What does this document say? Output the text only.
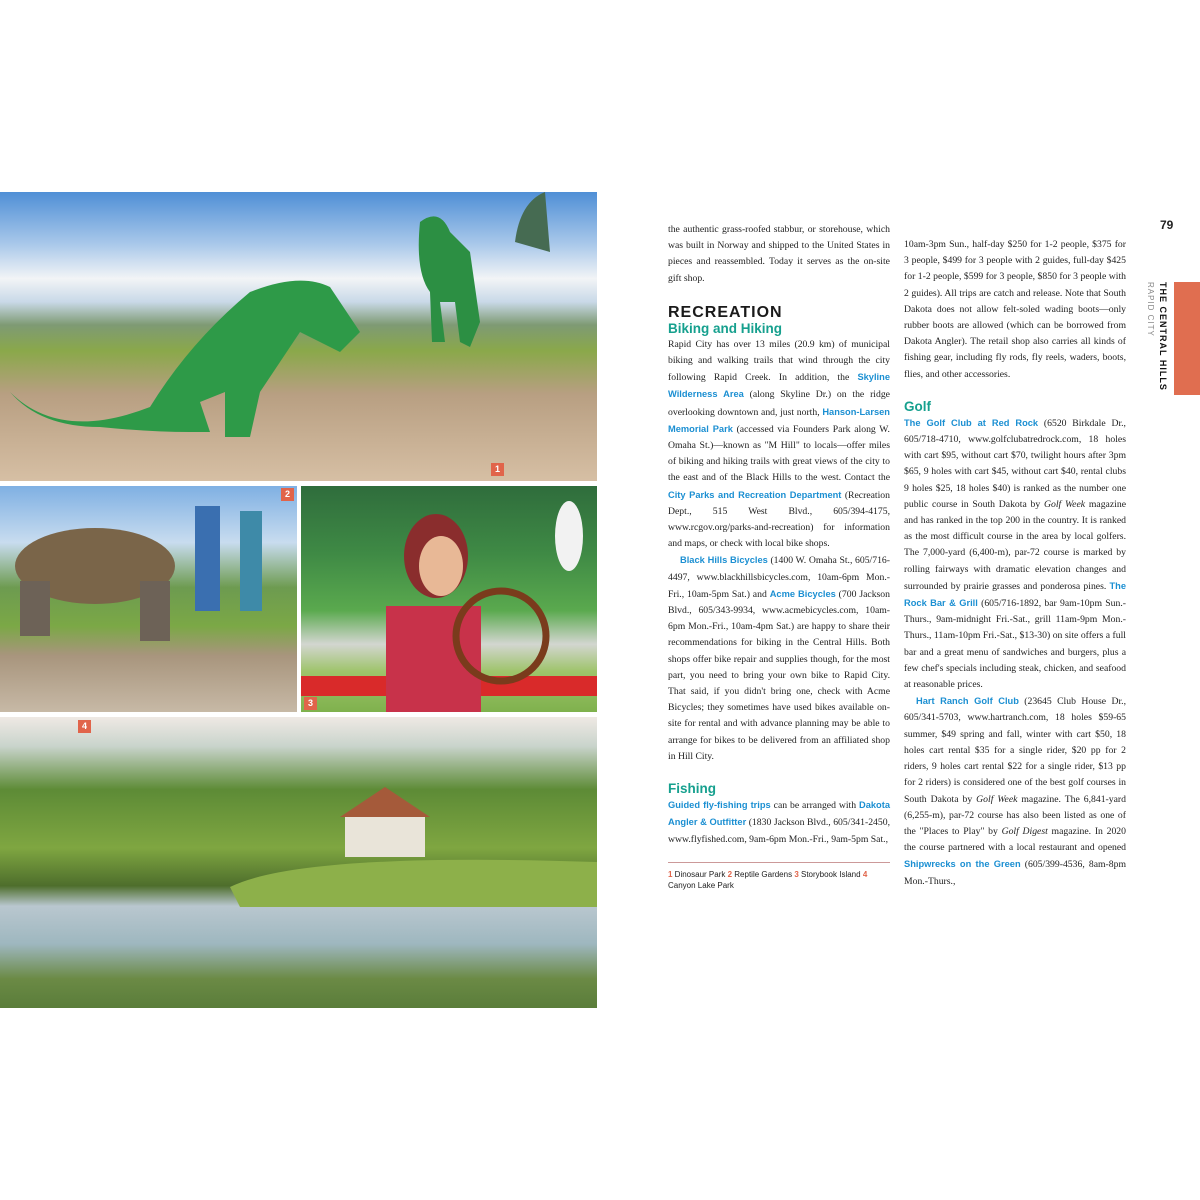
1
2
3
4

the authentic grass-roofed stabbur, or storehouse, which was built in Norway and shipped to the United States in pieces and reassembled. Today it serves as the on-site gift shop.

RECREATION
Biking and Hiking

Rapid City has over 13 miles (20.9 km) of municipal biking and walking trails that wind through the city following Rapid Creek. In addition, the Skyline Wilderness Area (along Skyline Dr.) on the ridge overlooking downtown and, just north, Hanson-Larsen Memorial Park (accessed via Founders Park along W. Omaha St.)—known as "M Hill" to locals—offer miles of biking and hiking trails with great views of the city to the east and of the Black Hills to the west. Contact the City Parks and Recreation Department (Recreation Dept., 515 West Blvd., 605/394-4175, www.rcgov.org/parks-and-recreation) for information and maps, or check with local bike shops.

Black Hills Bicycles (1400 W. Omaha St., 605/716-4497, www.blackhillsbicycles.com, 10am-6pm Mon.-Fri., 10am-5pm Sat.) and Acme Bicycles (700 Jackson Blvd., 605/343-9934, www.acmebicycles.com, 10am-6pm Mon.-Fri., 10am-4pm Sat.) are happy to share their recommendations for biking in the Central Hills. Both shops offer bike repair and supplies though, for the most part, you need to bring your own bike to Rapid City. That said, if you didn't bring one, check with Acme Bicycles; they sometimes have used bikes available on-site for rental and with advance planning may be able to arrange for bikes to be delivered from an affiliated shop in Hill City.

Fishing

Guided fly-fishing trips can be arranged with Dakota Angler & Outfitter (1830 Jackson Blvd., 605/341-2450, www.flyfished.com, 9am-6pm Mon.-Fri., 9am-5pm Sat.,

1 Dinosaur Park 2 Reptile Gardens 3 Storybook Island 4 Canyon Lake Park

10am-3pm Sun., half-day $250 for 1-2 people, $375 for 3 people, $499 for 3 people with 2 guides, full-day $425 for 1-2 people, $599 for 3 people, $850 for 3 people with 2 guides). All trips are catch and release. Note that South Dakota does not allow felt-soled wading boots—only rubber boots are allowed (which can be borrowed from Dakota Angler). The retail shop also carries all kinds of fishing gear, including fly rods, fly reels, waders, boots, flies, and other accessories.

Golf

The Golf Club at Red Rock (6520 Birkdale Dr., 605/718-4710, www.golfclubatredrock.com, 18 holes with cart $95, without cart $70, twilight hours after 3pm $65, 9 holes with cart $45, without cart $40, rental clubs 9 holes $25, 18 holes $40) is ranked as the number one public course in South Dakota by Golf Week magazine and has ranked in the top 200 in the country. It is ranked as the most difficult course in the area by local golfers. The 7,000-yard (6,400-m), par-72 course is marked by rolling fairways with dramatic elevation changes and surrounded by prairie grasses and ponderosa pines. The Rock Bar & Grill (605/716-1892, bar 9am-10pm Sun.-Thurs., 9am-midnight Fri.-Sat., grill 11am-9pm Mon.-Thurs., 11am-10pm Fri.-Sat., $13-30) on site offers a full bar and a great menu of sandwiches and burgers, plus a few chef's specials including steak, chicken, and seafood at reasonable prices.

Hart Ranch Golf Club (23645 Club House Dr., 605/341-5703, www.hartranch.com, 18 holes $59-65 summer, $49 spring and fall, winter with cart $50, 18 holes cart rental $35 for a single rider, $20 pp for 2 riders, 9 holes cart rental $22 for a single rider, $13 pp for 2 riders) is considered one of the best golf courses in South Dakota by Golf Week magazine. The 6,841-yard (6,255-m), par-72 course has also been listed as one of the "Places to Play" by Golf Digest magazine. In 2020 the course partnered with a local restaurant and opened Shipwrecks on the Green (605/399-4536, 8am-8pm Mon.-Thurs.,

79
THE CENTRAL HILLS
RAPID CITY
